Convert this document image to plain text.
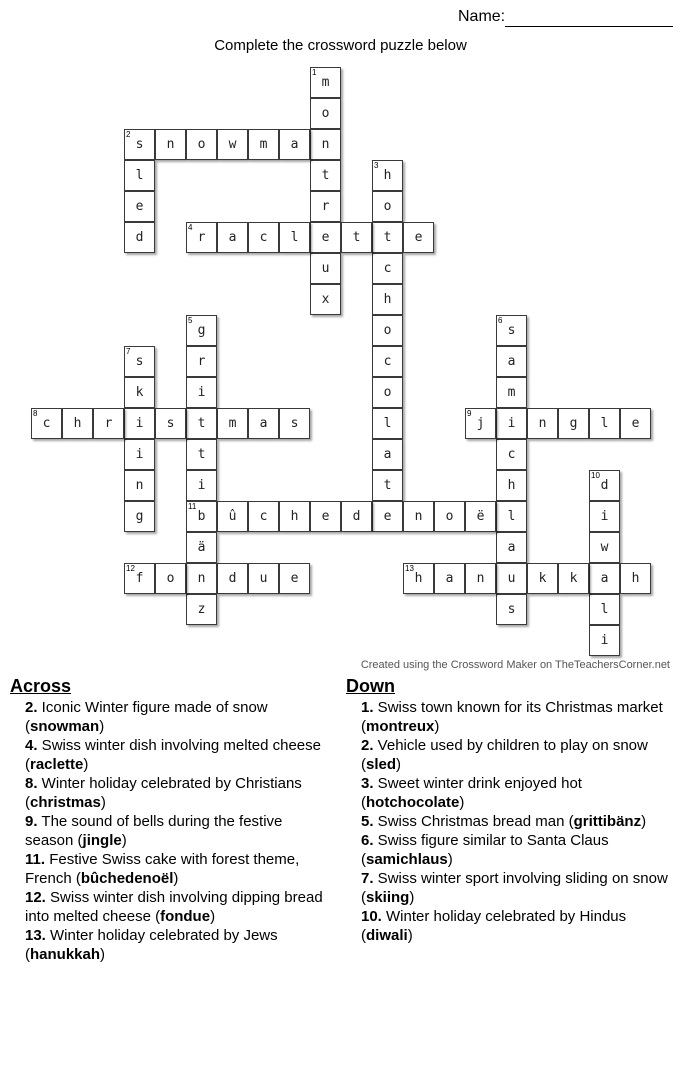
Name:
Complete the crossword puzzle below
m
1
o
n
t
r
e
u
x
s
2
n	o	w	m	a
l
e
d
h
3
o
t
c
h
o
c
o
l
a
t
e
r
4
a	c	l	t	e
g
5
r
i
t
t
i
b
11
ä
n
z
s
6
a
m
i
c
h
l
a
u
s
s
7
k
i
i
n
g
c
8
h	r	s	m	a	s	j
9
n	g	l	e
d
10
i
w
a
l
i
û	c	h	e	d	n	o	ë
f
12
o	d	u	e	h
13
a	n	k	k	h
Created using the Crossword Maker on TheTeachersCorner.net
Across
2. Iconic Winter figure made of snow (snowman)
4. Swiss winter dish involving melted cheese (raclette)
8. Winter holiday celebrated by Christians (christmas)
9. The sound of bells during the festive season (jingle)
11. Festive Swiss cake with forest theme, French (bûchedenoël)
12. Swiss winter dish involving dipping bread into melted cheese (fondue)
13. Winter holiday celebrated by Jews (hanukkah)
Down
1. Swiss town known for its Christmas market (montreux)
2. Vehicle used by children to play on snow (sled)
3. Sweet winter drink enjoyed hot (hotchocolate)
5. Swiss Christmas bread man (grittibänz)
6. Swiss figure similar to Santa Claus (samichlaus)
7. Swiss winter sport involving sliding on snow (skiing)
10. Winter holiday celebrated by Hindus (diwali)
